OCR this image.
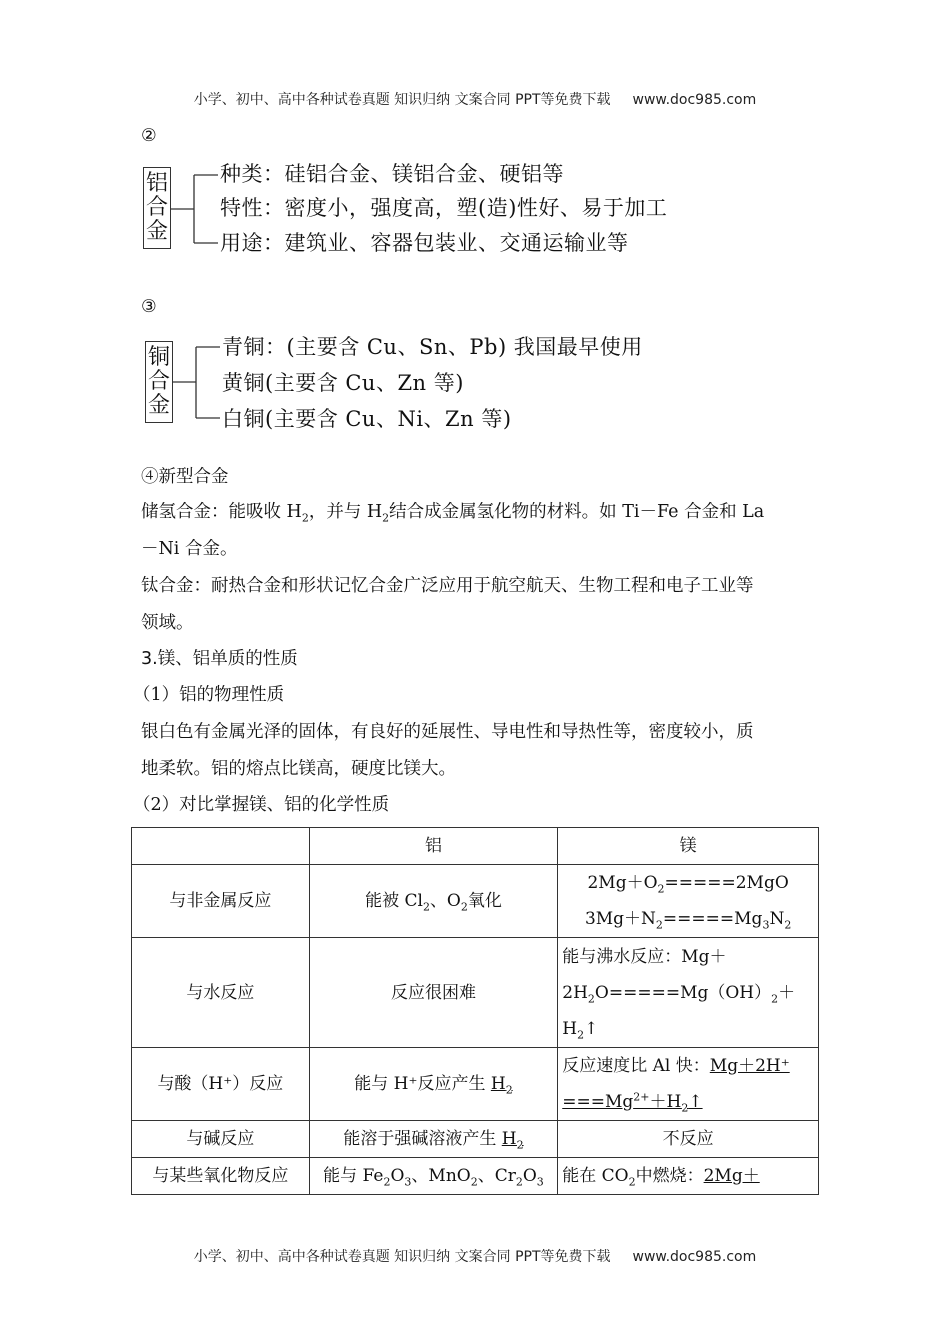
小学、初中、高中各种试卷真题 知识归纳 文案合同 PPT等免费下载 www.doc985.com
②
铝
合
金
种类：硅铝合金、镁铝合金、硬铝等
特性：密度小，强度高，塑(造)性好、易于加工
用途：建筑业、容器包装业、交通运输业等
③
铜
合
金
青铜：(主要含 Cu、Sn、Pb) 我国最早使用
黄铜(主要含 Cu、Zn 等)
白铜(主要含 Cu、Ni、Zn 等)
④新型合金
储氢合金：能吸收 $H_2$，并与 $H_2$结合成金属氢化物的材料。如 Ti－Fe 合金和 La
－Ni 合金。
钛合金：耐热合金和形状记忆合金广泛应用于航空航天、生物工程和电子工业等
领域。
3.镁、铝单质的性质
（1）铝的物理性质
银白色有金属光泽的固体，有良好的延展性、导电性和导热性等，密度较小，质
地柔软。铝的熔点比镁高，硬度比镁大。
（2）对比掌握镁、铝的化学性质
	铝	镁
与非金属反应	能被 $Cl_2$、$O_2$氧化	$2Mg+O_2=====2MgO$
$3Mg+N_2=====Mg_3N_2$

与水反应	反应很困难	能与沸水反应：Mg＋
$2H_2O=====Mg(OH)_2+$
$H_2↑$

与酸（H⁺）反应	能与 H⁺反应产生 $H_2$	反应速度比 Al 快：Mg＋2H⁺
$===Mg^{2+}+H_2↑$

与碱反应	能溶于强碱溶液产生 $H_2$	不反应
与某些氧化物反应	能与 $Fe_2O_3$、MnO$_2$、$Cr_2O_3$	能在 $CO_2$中燃烧：2Mg＋
小学、初中、高中各种试卷真题 知识归纳 文案合同 PPT等免费下载 www.doc985.com
